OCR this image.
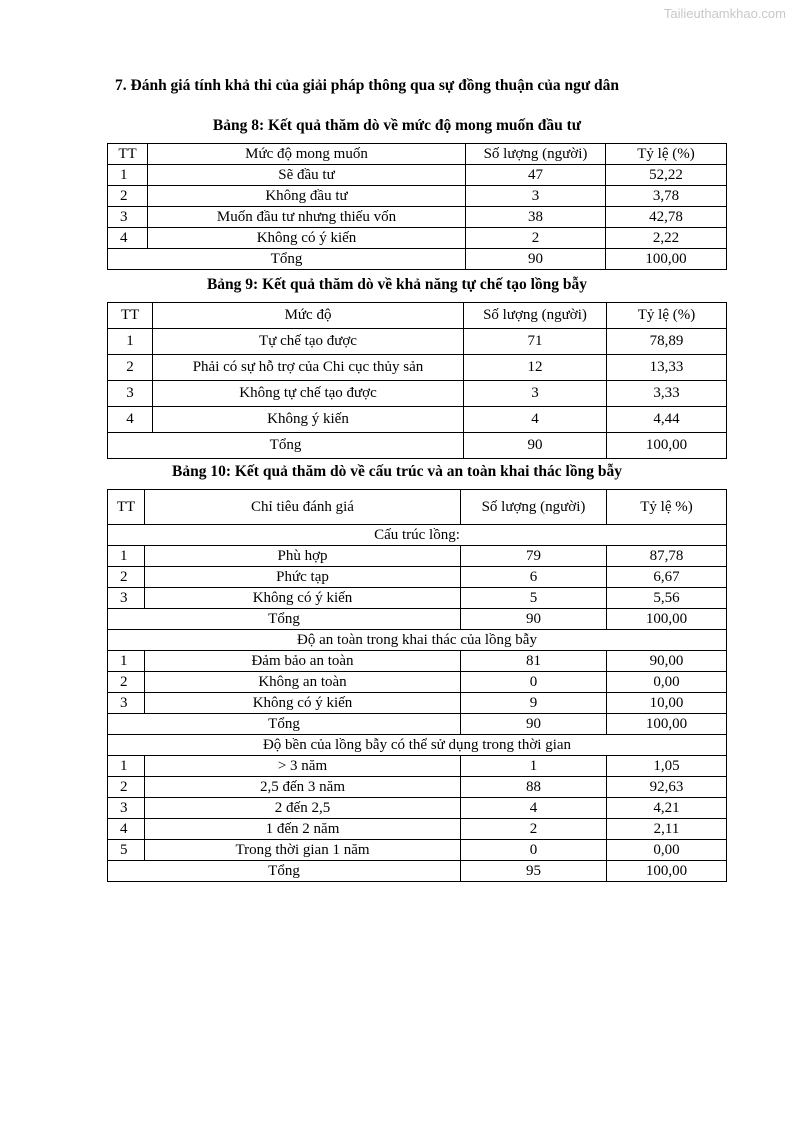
Tailieuthamkhao.com
7. Đánh giá tính khả thi của giải pháp thông qua sự đồng thuận của ngư dân
Bảng 8: Kết quả thăm dò về mức độ mong muốn đầu tư
TT	Mức độ mong muốn	Số lượng (người)	Tỷ lệ (%)
1	Sẽ đầu tư	47	52,22
2	Không đầu tư	3	3,78
3	Muốn đầu tư nhưng thiếu vốn	38	42,78
4	Không có ý kiến	2	2,22
Tổng		90	100,00
Bảng 9: Kết quả thăm dò về khả năng tự chế tạo lồng bẫy
TT	Mức độ	Số lượng (người)	Tỷ lệ (%)
1	Tự chế tạo được	71	78,89
2	Phải có sự hỗ trợ của Chi cục thủy sản	12	13,33
3	Không tự chế tạo được	3	3,33
4	Không ý kiến	4	4,44
Tổng		90	100,00
Bảng 10: Kết quả thăm dò về cấu trúc và an toàn khai thác lồng bẫy
TT	Chỉ tiêu đánh giá	Số lượng (người)	Tỷ lệ %)
Cấu trúc lồng:			
1	Phù hợp	79	87,78
2	Phức tạp	6	6,67
3	Không có ý kiến	5	5,56
Tổng		90	100,00
Độ an toàn trong khai thác của lồng bẫy			
1	Đảm bảo an toàn	81	90,00
2	Không an toàn	0	0,00
3	Không có ý kiến	9	10,00
Tổng		90	100,00
Độ bền của lồng bẫy có thể sử dụng trong thời gian			
1	> 3 năm	1	1,05
2	2,5 đến 3 năm	88	92,63
3	2 đến 2,5	4	4,21
4	1 đến 2 năm	2	2,11
5	Trong thời gian 1 năm	0	0,00
Tổng		95	100,00
